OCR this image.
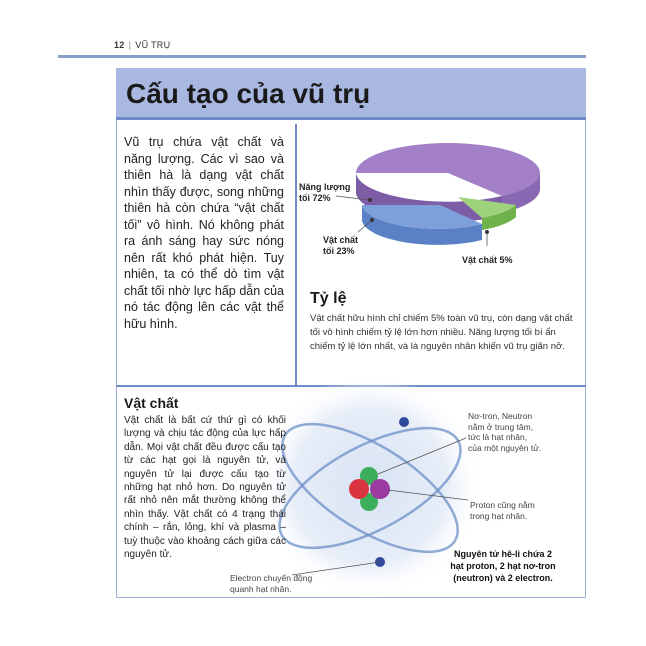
12 | VŨ TRỤ
Cấu tạo của vũ trụ
Vũ trụ chứa vật chất và năng lượng. Các vì sao và thiên hà là dạng vật chất nhìn thấy được, song những thiên hà còn chứa “vật chất tối” vô hình. Nó không phát ra ánh sáng hay sức nóng nên rất khó phát hiện. Tuy nhiên, ta có thể dò tìm vật chất tối nhờ lực hấp dẫn của nó tác động lên các vật thể hữu hình.
Năng lượng
tối 72%
Vật chất
tối 23%
Vật chất 5%
Tỷ lệ
Vật chất hữu hình chỉ chiếm 5% toàn vũ trụ, còn dạng vật chất tối vô hình chiếm tỷ lệ lớn hơn nhiều. Năng lượng tối bí ẩn chiếm tỷ lệ lớn nhất, và là nguyên nhân khiến vũ trụ giãn nở.
Vật chất
Vật chất là bất cứ thứ gì có khối lượng và chịu tác động của lực hấp dẫn. Mọi vật chất đều được cấu tạo từ các hạt gọi là nguyên tử, và nguyên tử lại được cấu tạo từ những hạt nhỏ hơn. Do nguyên tử rất nhỏ nên mắt thường không thể nhìn thấy. Vật chất có 4 trạng thái chính – rắn, lỏng, khí và plasma – tuỳ thuộc vào khoảng cách giữa các nguyên tử.
Nơ-tron, Neutron
nằm ở trung tâm,
tức là hạt nhân,
của một nguyên tử.
Proton cũng nằm
trong hạt nhân.
Nguyên tử hê-li chứa 2
hạt proton, 2 hạt nơ-tron
(neutron) và 2 electron.
Electron chuyển động
quanh hạt nhân.
